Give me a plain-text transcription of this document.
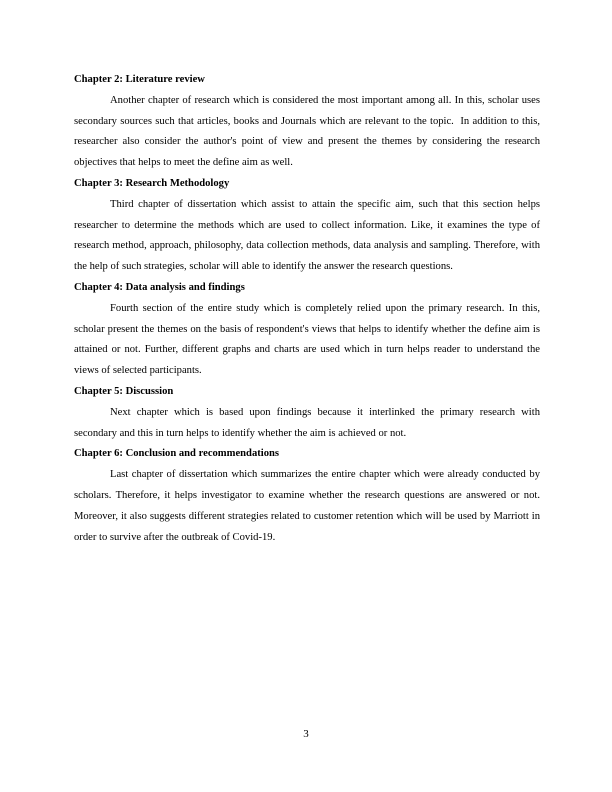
Chapter 2: Literature review

Another chapter of research which is considered the most important among all. In this, scholar uses secondary sources such that articles, books and Journals which are relevant to the topic.  In addition to this, researcher also consider the author's point of view and present the themes by considering the research objectives that helps to meet the define aim as well.

Chapter 3: Research Methodology

Third chapter of dissertation which assist to attain the specific aim, such that this section helps researcher to determine the methods which are used to collect information. Like, it examines the type of research method, approach, philosophy, data collection methods, data analysis and sampling. Therefore, with the help of such strategies, scholar will able to identify the answer the research questions.

Chapter 4: Data analysis and findings

Fourth section of the entire study which is completely relied upon the primary research. In this, scholar present the themes on the basis of respondent's views that helps to identify whether the define aim is attained or not. Further, different graphs and charts are used which in turn helps reader to understand the views of selected participants.

Chapter 5: Discussion

Next chapter which is based upon findings because it interlinked the primary research with secondary and this in turn helps to identify whether the aim is achieved or not.

Chapter 6: Conclusion and recommendations

Last chapter of dissertation which summarizes the entire chapter which were already conducted by scholars. Therefore, it helps investigator to examine whether the research questions are answered or not. Moreover, it also suggests different strategies related to customer retention which will be used by Marriott in order to survive after the outbreak of Covid-19.

3
